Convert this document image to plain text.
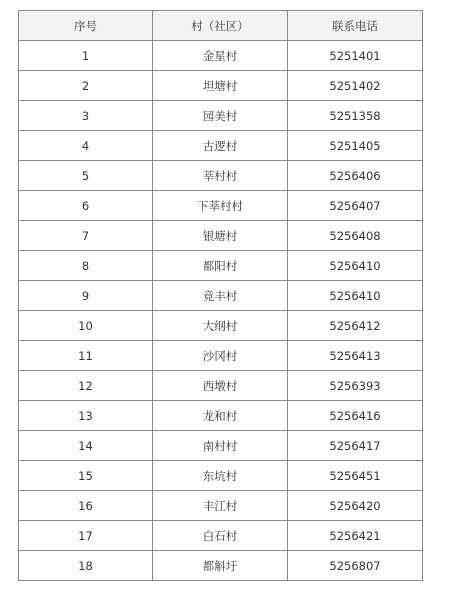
序号	村（社区）	联系电话
1	金星村	5251401
2	坦塘村	5251402
3	园美村	5251358
4	古逻村	5251405
5	莘村村	5256406
6	下莘村村	5256407
7	银塘村	5256408
8	都阳村	5256410
9	竞丰村	5256410
10	大纲村	5256412
11	沙冈村	5256413
12	西墩村	5256393
13	龙和村	5256416
14	南村村	5256417
15	东坑村	5256451
16	丰江村	5256420
17	白石村	5256421
18	都斛圩	5256807
